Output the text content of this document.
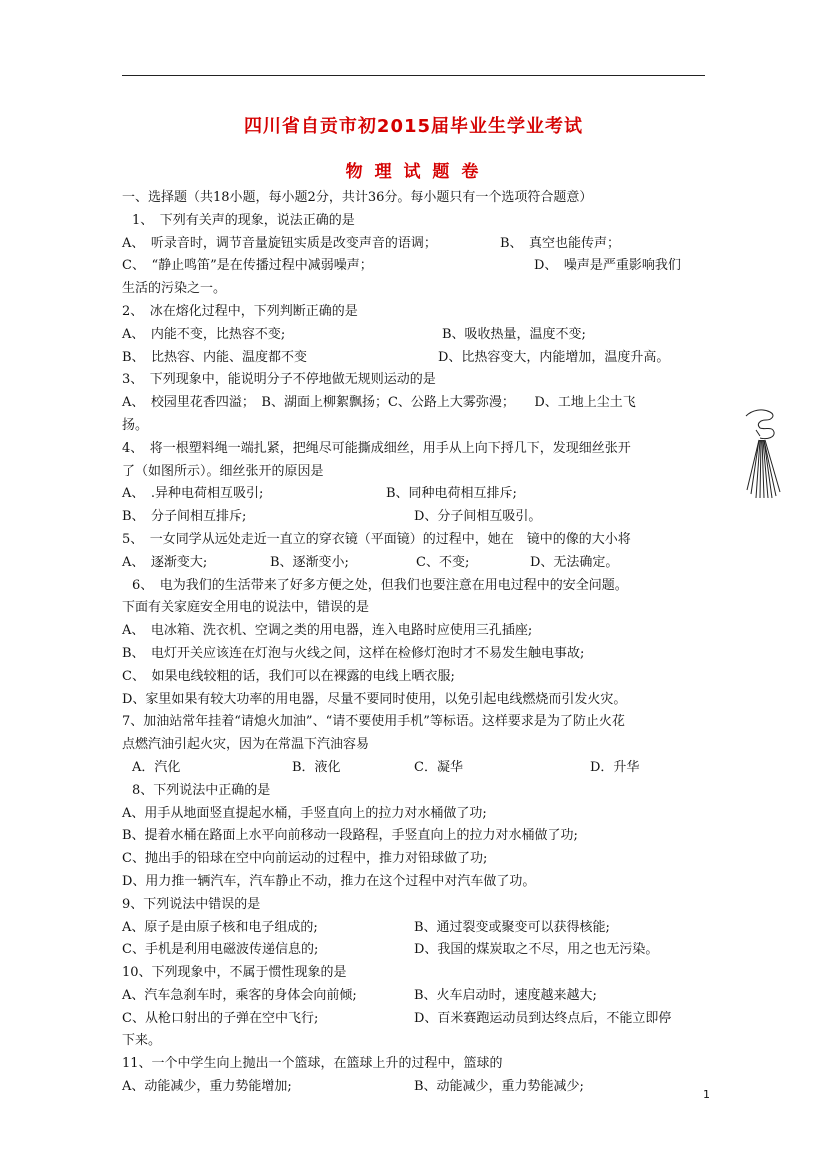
四川省自贡市初2015届毕业生学业考试
物 理 试 题 卷
一、选择题（共18小题，每小题2分，共计36分。每小题只有一个选项符合题意）
1、　下列有关声的现象，说法正确的是
A、　听录音时，调节音量旋钮实质是改变声音的语调；	B、　真空也能传声；
C、　“静止鸣笛”是在传播过程中减弱噪声；	D、　噪声是严重影响我们
生活的污染之一。
2、　冰在熔化过程中，下列判断正确的是
A、　内能不变，比热容不变;	B、吸收热量，温度不变;
B、　比热容、内能、温度都不变	D、比热容变大，内能增加，温度升高。
3、　下列现象中，能说明分子不停地做无规则运动的是
A、　校园里花香四溢；　B、湖面上柳絮飘扬；C、公路上大雾弥漫；　　D、工地上尘土飞
扬。
4、　将一根塑料绳一端扎紧，把绳尽可能撕成细丝，用手从上向下捋几下，发现细丝张开
了（如图所示）。细丝张开的原因是
A、　.异种电荷相互吸引;	B、同种电荷相互排斥;
B、　分子间相互排斥;	D、分子间相互吸引。
5、　一女同学从远处走近一直立的穿衣镜（平面镜）的过程中，她在　镜中的像的大小将
A、　逐渐变大;	B、逐渐变小;	C、不变;	D、无法确定。
6、　电为我们的生活带来了好多方便之处，但我们也要注意在用电过程中的安全问题。
下面有关家庭安全用电的说法中，错误的是
A、　电冰箱、洗衣机、空调之类的用电器，连入电路时应使用三孔插座;
B、　电灯开关应该连在灯泡与火线之间，这样在检修灯泡时才不易发生触电事故;
C、　如果电线较粗的话，我们可以在裸露的电线上晒衣服;
D、家里如果有较大功率的用电器，尽量不要同时使用，以免引起电线燃烧而引发火灾。
7、加油站常年挂着“请熄火加油”、“请不要使用手机”等标语。这样要求是为了防止火花
点燃汽油引起火灾，因为在常温下汽油容易
A．汽化	B．液化	C．凝华	D．升华
8、下列说法中正确的是
A、用手从地面竖直提起水桶，手竖直向上的拉力对水桶做了功;
B、提着水桶在路面上水平向前移动一段路程，手竖直向上的拉力对水桶做了功;
C、抛出手的铅球在空中向前运动的过程中，推力对铅球做了功;
D、用力推一辆汽车，汽车静止不动，推力在这个过程中对汽车做了功。
9、下列说法中错误的是
A、原子是由原子核和电子组成的;	B、通过裂变或聚变可以获得核能;
C、手机是利用电磁波传递信息的;	D、我国的煤炭取之不尽，用之也无污染。
10、下列现象中，不属于惯性现象的是
A、汽车急刹车时，乘客的身体会向前倾;	B、火车启动时，速度越来越大;
C、从枪口射出的子弹在空中飞行;	D、百米赛跑运动员到达终点后，不能立即停
下来。
11、一个中学生向上抛出一个篮球，在篮球上升的过程中，篮球的
A、动能减少，重力势能增加;	B、动能减少，重力势能减少;
1
